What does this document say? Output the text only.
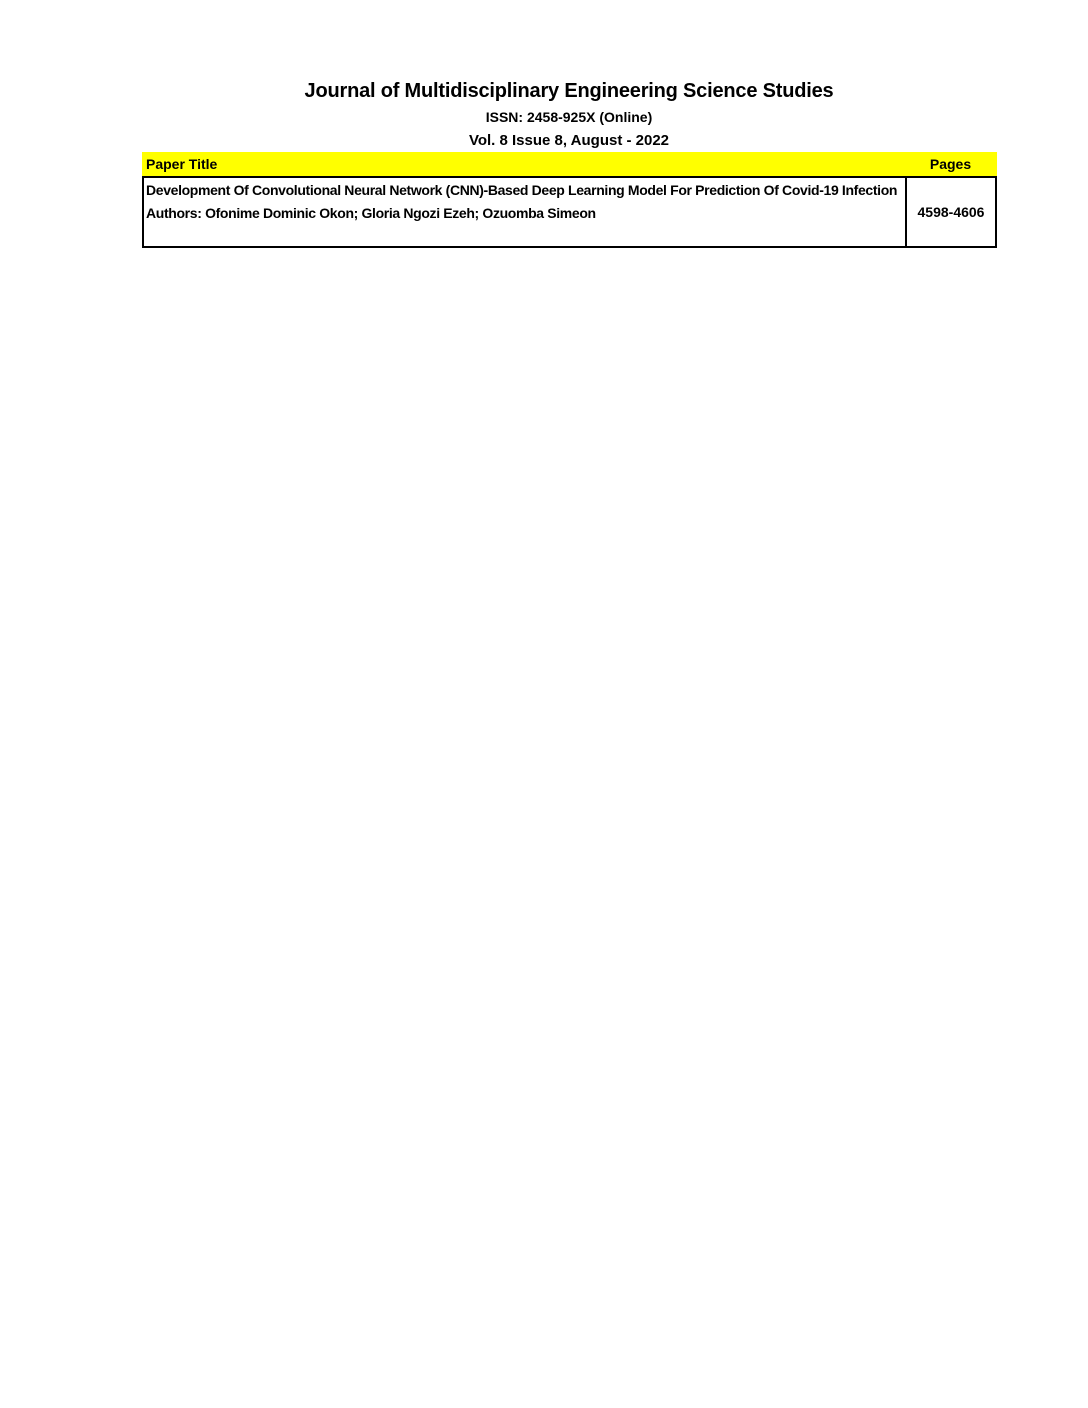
Journal of Multidisciplinary Engineering Science Studies
ISSN: 2458-925X (Online)
Vol. 8 Issue 8, August - 2022
Paper Title	Pages
Development Of Convolutional Neural Network (CNN)-Based Deep Learning Model For Prediction Of Covid-19 Infection
Authors: Ofonime Dominic Okon; Gloria Ngozi Ezeh; Ozuomba Simeon	4598-4606
